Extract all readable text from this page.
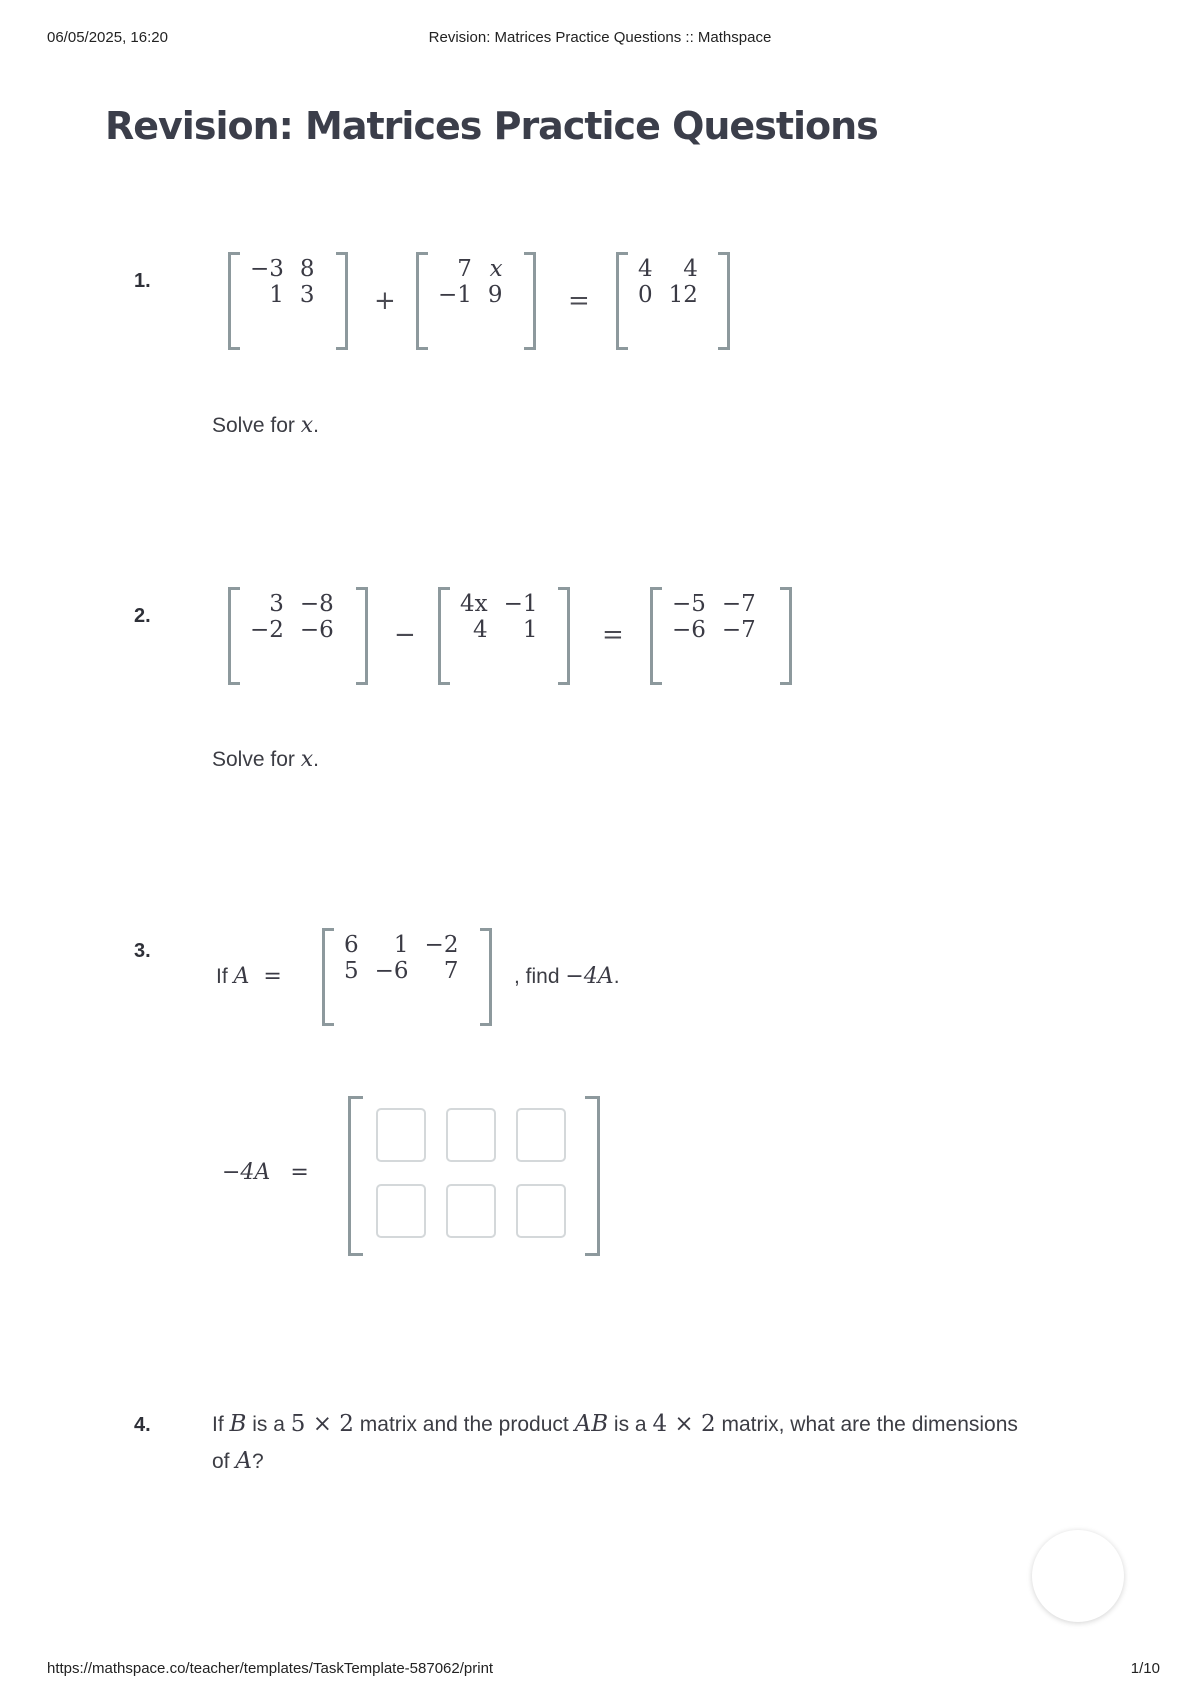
06/05/2025, 16:20	Revision: Matrices Practice Questions :: Mathspace
Revision: Matrices Practice Questions
1.	−3	8
1	3 +
7	x
−1	9	=
4	4
0	12
Solve for x.
2.	3	−8
−2	−6 −
4x	−1
4	1 =
−5	−7
−6	−7
Solve for x.
3.
If A =
6	1	−2
5	−6	7	, find −4A.
−4A =
4.	If B is a 5 × 2 matrix and the product AB is a 4 × 2 matrix, what are the dimensions of A?
https://mathspace.co/teacher/templates/TaskTemplate-587062/print	1/10
